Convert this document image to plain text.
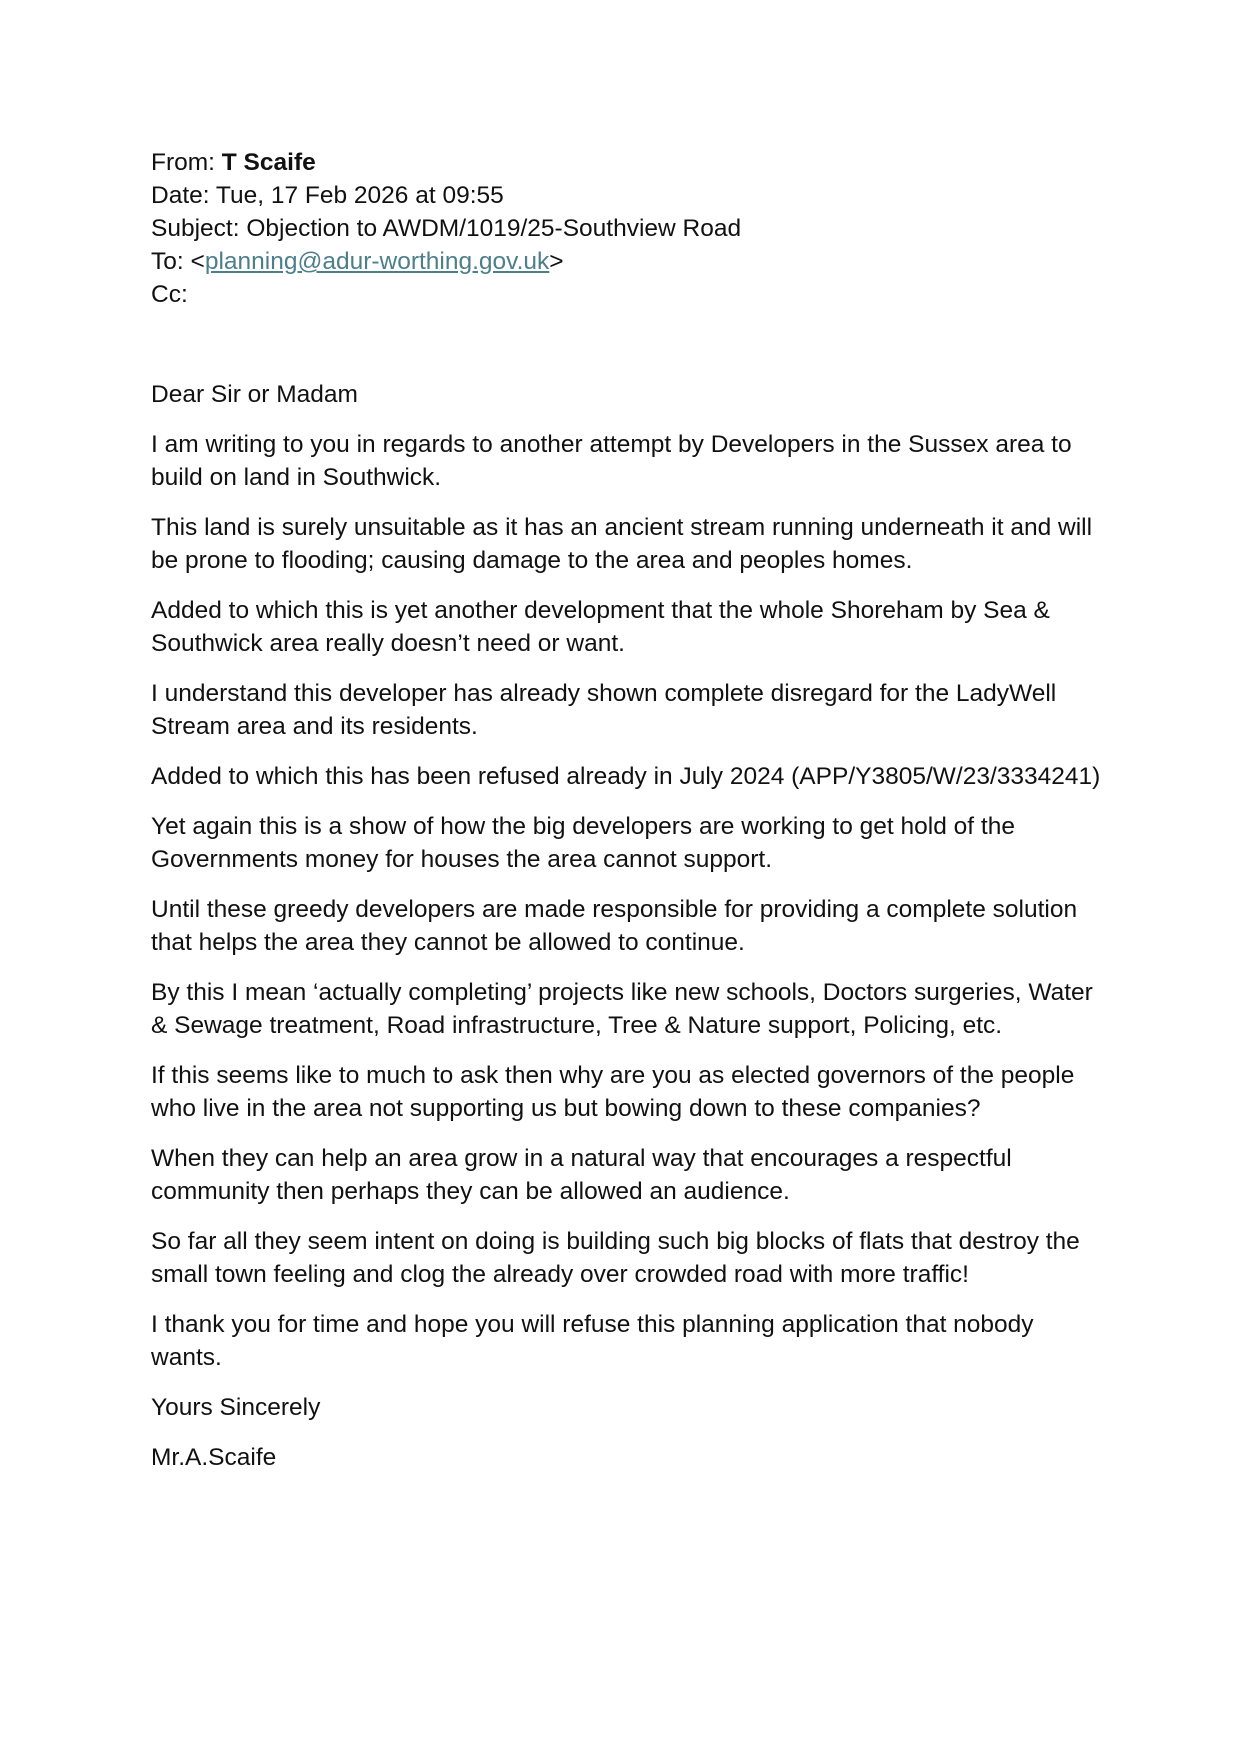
From: T Scaife

Date: Tue, 17 Feb 2026 at 09:55

Subject: Objection to AWDM/1019/25-Southview Road

To: <planning@adur-worthing.gov.uk>

Cc:

Dear Sir or Madam

I am writing to you in regards to another attempt by Developers in the Sussex area to build on land in Southwick.

This land is surely unsuitable as it has an ancient stream running underneath it and will be prone to flooding; causing damage to the area and peoples homes.

Added to which this is yet another development that the whole Shoreham by Sea & Southwick area really doesn’t need or want.

I understand this developer has already shown complete disregard for the LadyWell Stream area and its residents.

Added to which this has been refused already in July 2024 (APP/Y3805/W/23/3334241)

Yet again this is a show of how the big developers are working to get hold of the Governments money for houses the area cannot support.

Until these greedy developers are made responsible for providing a complete solution that helps the area they cannot be allowed to continue.

By this I mean ‘actually completing’ projects like new schools, Doctors surgeries, Water & Sewage treatment, Road infrastructure, Tree & Nature support, Policing, etc.

If this seems like to much to ask then why are you as elected governors of the people who live in the area not supporting us but bowing down to these companies?

When they can help an area grow in a natural way that encourages a respectful community then perhaps they can be allowed an audience.

So far all they seem intent on doing is building such big blocks of flats that destroy the small town feeling and clog the already over crowded road with more traffic!

I thank you for time and hope you will refuse this planning application that nobody wants.

Yours Sincerely

Mr.A.Scaife
